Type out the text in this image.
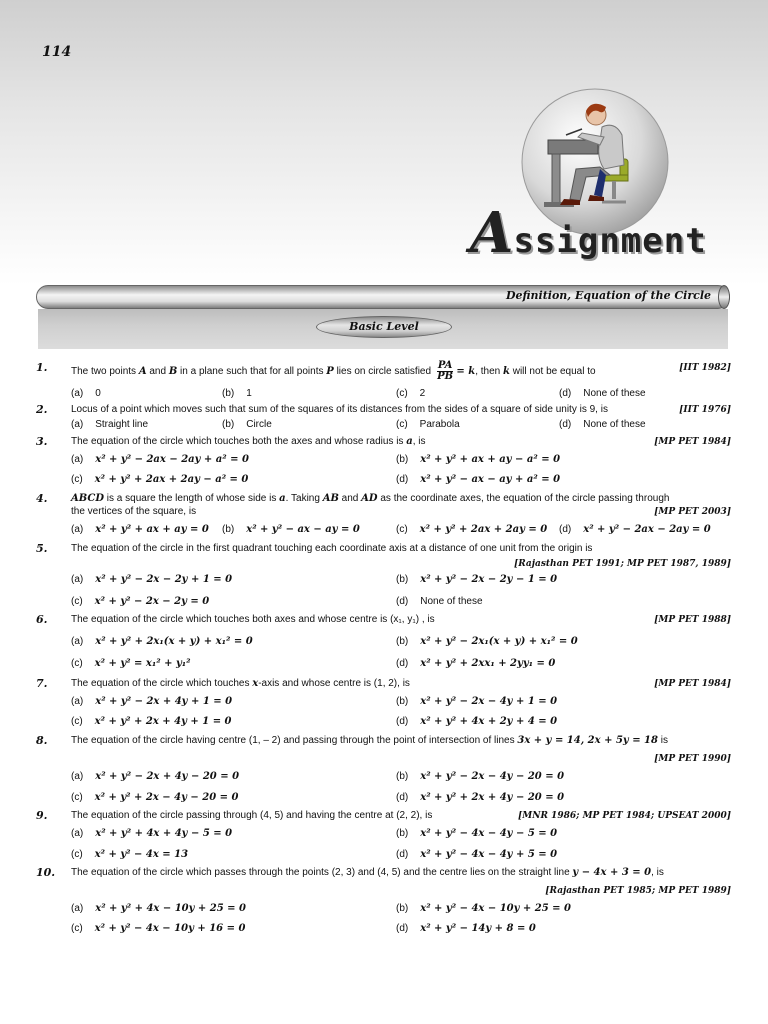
114
Assignment
Definition, Equation of the Circle
Basic Level
1. The two points A and B in a plane such that for all points P lies on circle satisfied $\frac{PA}{PB} = k$, then k will not be equal to	[IIT 1982]
(a) 0	(b) 1	(c) 2	(d) None of these
2. Locus of a point which moves such that sum of the squares of its distances from the sides of a square of side unity is 9, is	[IIT 1976]
(a) Straight line	(b) Circle	(c) Parabola	(d) None of these
3. The equation of the circle which touches both the axes and whose radius is a, is	[MP PET 1984]
(a) x² + y² − 2ax − 2ay + a² = 0	(b) x² + y² + ax + ay − a² = 0
(c) x² + y² + 2ax + 2ay − a² = 0	(d) x² + y² − ax − ay + a² = 0
4. ABCD is a square the length of whose side is a. Taking AB and AD as the coordinate axes, the equation of the circle passing through
the vertices of the square, is	[MP PET 2003]
(a) x² + y² + ax + ay = 0 (b) x² + y² − ax − ay = 0	(c) x² + y² + 2ax + 2ay = 0 (d) x² + y² − 2ax − 2ay = 0
5. The equation of the circle in the first quadrant touching each coordinate axis at a distance of one unit from the origin is
[Rajasthan PET 1991; MP PET 1987, 1989]
(a) x² + y² − 2x − 2y + 1 = 0	(b) x² + y² − 2x − 2y − 1 = 0
(c) x² + y² − 2x − 2y = 0	(d) None of these
6. The equation of the circle which touches both axes and whose centre is (x₁, y₁) , is	[MP PET 1988]
(a) x² + y² + 2x₁(x + y) + x₁² = 0	(b) x² + y² − 2x₁(x + y) + x₁² = 0
(c) x² + y² = x₁² + y₁²	(d) x² + y² + 2xx₁ + 2yy₁ = 0
7. The equation of the circle which touches x-axis and whose centre is (1, 2), is	[MP PET 1984]
(a) x² + y² − 2x + 4y + 1 = 0	(b) x² + y² − 2x − 4y + 1 = 0
(c) x² + y² + 2x + 4y + 1 = 0	(d) x² + y² + 4x + 2y + 4 = 0
8. The equation of the circle having centre (1, – 2) and passing through the point of intersection of lines 3x + y = 14, 2x + 5y = 18 is
[MP PET 1990]
(a) x² + y² − 2x + 4y − 20 = 0	(b) x² + y² − 2x − 4y − 20 = 0
(c) x² + y² + 2x − 4y − 20 = 0	(d) x² + y² + 2x + 4y − 20 = 0
9. The equation of the circle passing through (4, 5) and having the centre at (2, 2), is	[MNR 1986; MP PET 1984; UPSEAT 2000]
(a) x² + y² + 4x + 4y − 5 = 0	(b) x² + y² − 4x − 4y − 5 = 0
(c) x² + y² − 4x = 13	(d) x² + y² − 4x − 4y + 5 = 0
10. The equation of the circle which passes through the points (2, 3) and (4, 5) and the centre lies on the straight line y − 4x + 3 = 0, is
[Rajasthan PET 1985; MP PET 1989]
(a) x² + y² + 4x − 10y + 25 = 0	(b) x² + y² − 4x − 10y + 25 = 0
(c) x² + y² − 4x − 10y + 16 = 0	(d) x² + y² − 14y + 8 = 0
